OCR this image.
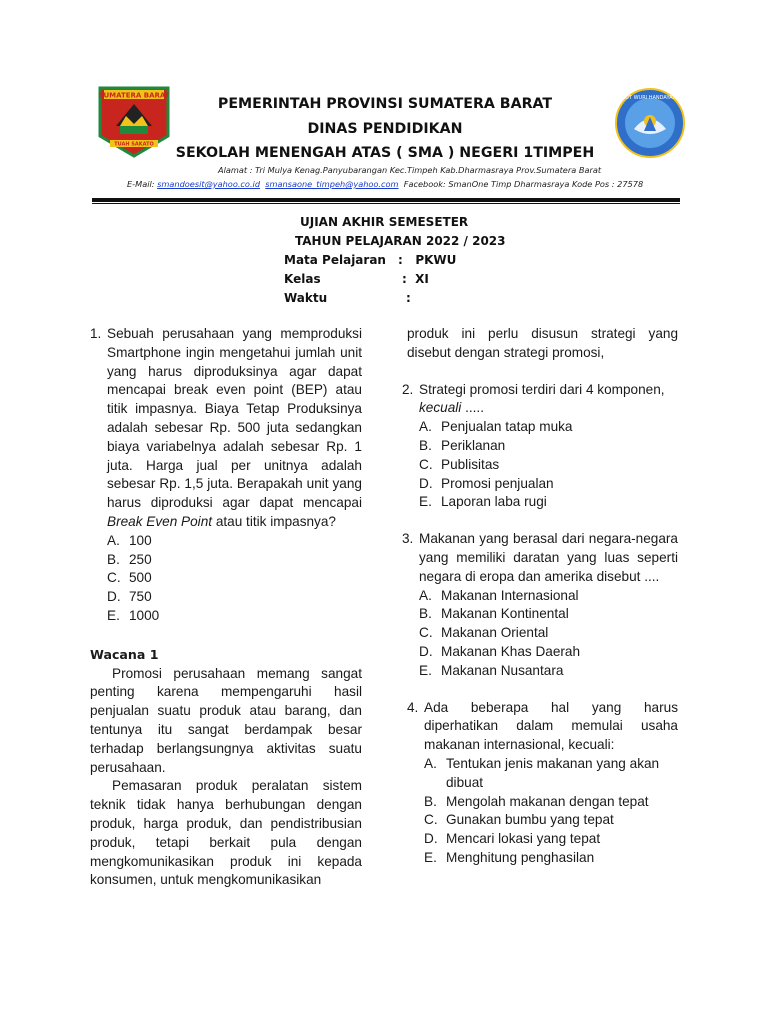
SUMATERA BARAT
TUAH SAKATO
PEMERINTAH PROVINSI SUMATERA BARAT
DINAS PENDIDIKAN
SEKOLAH MENENGAH ATAS ( SMA ) NEGERI 1TIMPEH
Alamat : Tri Mulya Kenag.Panyubarangan Kec.Timpeh Kab.Dharmasraya Prov.Sumatera Barat
E-Mail: smandoesit@yahoo.co.id smansaone_timpeh@yahoo.com Facebook: SmanOne Timp Dharmasraya Kode Pos : 27578
TUT WURI HANDAYANI
UJIAN AKHIR SEMESETER
TAHUN PELAJARAN 2022 / 2023
Mata Pelajaran :   PKWU
Kelas	:  XI
Waktu	:
1. Sebuah perusahaan yang memproduksi Smartphone ingin mengetahui jumlah unit yang harus diproduksinya agar dapat mencapai break even point (BEP) atau titik impasnya. Biaya Tetap Produksinya adalah sebesar Rp. 500 juta sedangkan biaya variabelnya adalah sebesar Rp. 1 juta. Harga jual per unitnya adalah sebesar Rp. 1,5 juta. Berapakah unit yang harus diproduksi agar dapat mencapai Break Even Point atau titik impasnya?
A. 100
B. 250
C. 500
D. 750
E. 1000
Wacana 1
Promosi perusahaan memang sangat penting karena mempengaruhi hasil penjualan suatu produk atau barang, dan tentunya itu sangat berdampak besar terhadap berlangsungnya aktivitas suatu perusahaan.
Pemasaran produk peralatan sistem teknik tidak hanya berhubungan dengan produk, harga produk, dan pendistribusian produk, tetapi berkait pula dengan mengkomunikasikan produk ini kepada konsumen, untuk mengkomunikasikan
produk ini perlu disusun strategi yang disebut dengan strategi promosi,
2. Strategi promosi terdiri dari 4 komponen,
kecuali .....
A. Penjualan tatap muka
B. Periklanan
C. Publisitas
D. Promosi penjualan
E. Laporan laba rugi
3. Makanan yang berasal dari negara-negara yang memiliki daratan yang luas seperti negara di eropa dan amerika disebut ....
A. Makanan Internasional
B. Makanan Kontinental
C. Makanan Oriental
D. Makanan Khas Daerah
E. Makanan Nusantara
4. Ada beberapa hal yang harus diperhatikan dalam memulai usaha makanan internasional, kecuali:
A. Tentukan jenis makanan yang akan dibuat
B. Mengolah makanan dengan tepat
C. Gunakan bumbu yang tepat
D. Mencari lokasi yang tepat
E. Menghitung penghasilan
